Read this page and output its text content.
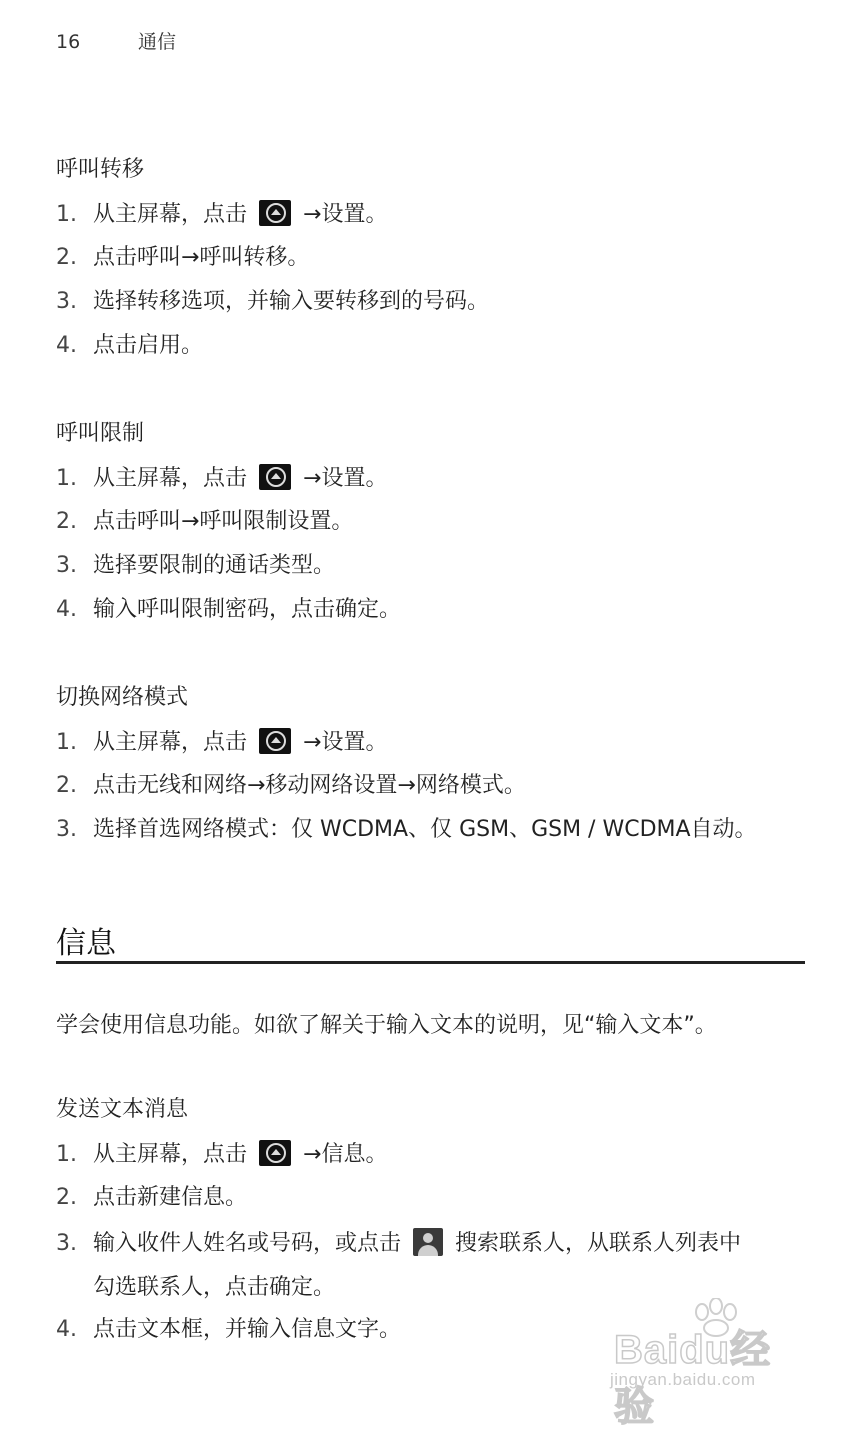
16	通信
呼叫转移
1. 从主屏幕，点击	→设置。
2. 点击呼叫→呼叫转移。
3. 选择转移选项，并输入要转移到的号码。
4. 点击启用。
呼叫限制
1. 从主屏幕，点击	→设置。
2. 点击呼叫→呼叫限制设置。
3. 选择要限制的通话类型。
4. 输入呼叫限制密码，点击确定。
切换网络模式
1. 从主屏幕，点击	→设置。
2. 点击无线和网络→移动网络设置→网络模式。
3. 选择首选网络模式：仅 WCDMA、仅 GSM、GSM / WCDMA自动。
信息
学会使用信息功能。如欲了解关于输入文本的说明，见“输入文本”。
发送文本消息
1. 从主屏幕，点击	→信息。
2. 点击新建信息。
3. 输入收件人姓名或号码，或点击 搜索联系人，从联系人列表中
勾选联系人，点击确定。
4. 点击文本框，并输入信息文字。	Baidu经验
jingyan.baidu.com
